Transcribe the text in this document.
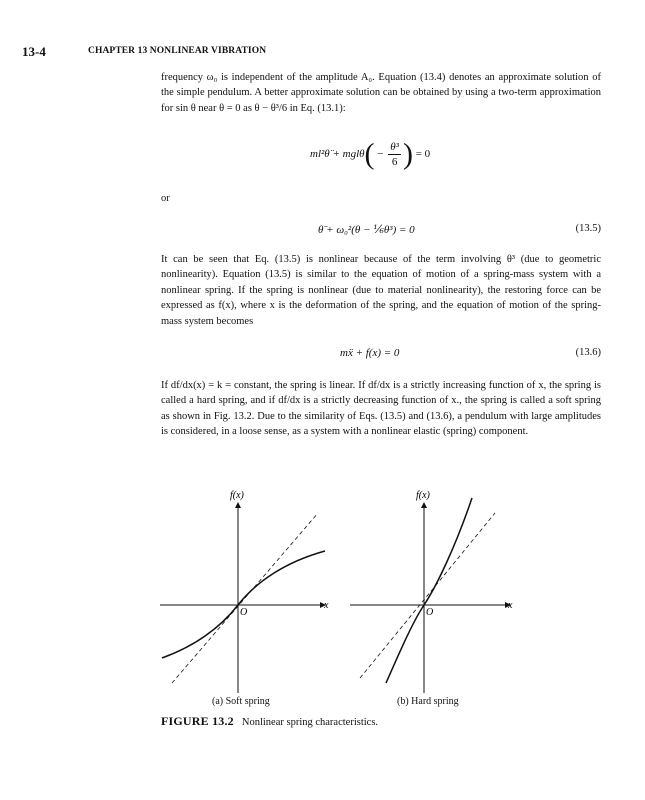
13-4	CHAPTER 13 NONLINEAR VIBRATION
frequency ω₀ is independent of the amplitude A₀. Equation (13.4) denotes an approximate solution of the simple pendulum. A better approximate solution can be obtained by using a two-term approximation for sin θ near θ = 0 as θ − θ³/6 in Eq. (13.1):
ml²θ̈ + $mgl\theta( - \frac{\text{θ³}}{6}$ ) = 0
or
θ̈ + ω₀²(θ − ⅙θ³) = 0	(13.5)
It can be seen that Eq. (13.5) is nonlinear because of the term involving θ³ (due to geometric nonlinearity). Equation (13.5) is similar to the equation of motion of a spring-mass system with a nonlinear spring. If the spring is nonlinear (due to material nonlinearity), the restoring force can be expressed as f(x), where x is the deformation of the spring, and the equation of motion of the spring-mass system becomes
mẍ + f(x) = 0	(13.6)
If df/dx(x) = k = constant, the spring is linear. If df/dx is a strictly increasing function of x, the spring is called a hard spring, and if df/dx is a strictly decreasing function of x., the spring is called a soft spring as shown in Fig. 13.2. Due to the similarity of Eqs. (13.5) and (13.6), a pendulum with large amplitudes is considered, in a loose sense, as a system with a nonlinear elastic (spring) component.
f(x)
x
O
f(x)
x
O
(a) Soft spring	(b) Hard spring
FIGURE 13.2 Nonlinear spring characteristics.
